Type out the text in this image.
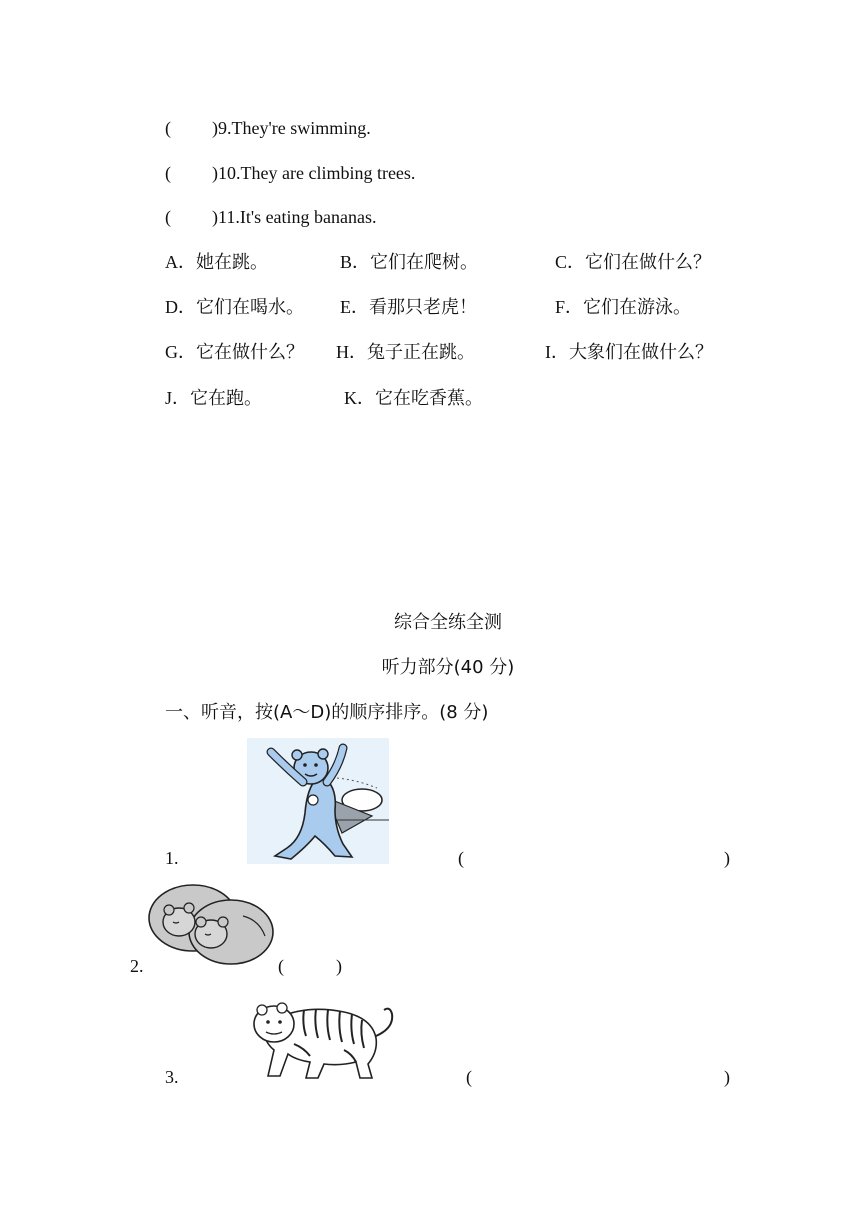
( )9.They're swimming.
( )10.They are climbing trees.
( )11.It's eating bananas.
A．她在跳。	B．它们在爬树。	C．它们在做什么？
D．它们在喝水。 E．看那只老虎！	F．它们在游泳。
G．它在做什么？ H．兔子正在跳。	I．大象们在做什么？
J．它在跑。	K．它在吃香蕉。
综合全练全测
听力部分(40 分)
一、听音，按(A～D)的顺序排序。(8 分)
1.	(	)
2.	(	)
3.	(	)
